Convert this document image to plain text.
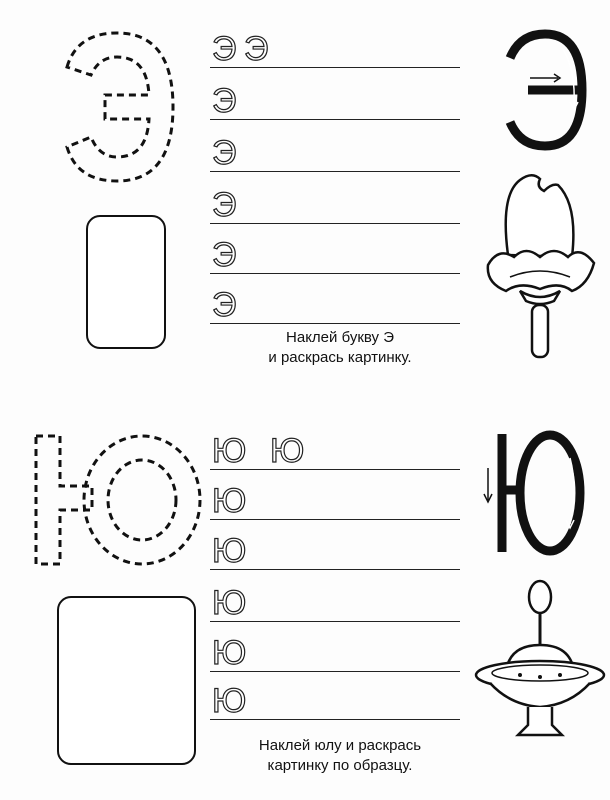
Э Э
Э
Э
Э
Э
Э
Наклей букву Э
и раскрась картинку.
Ю Ю
Ю
Ю
Ю
Ю
Ю
Наклей юлу и раскрась
картинку по образцу.
